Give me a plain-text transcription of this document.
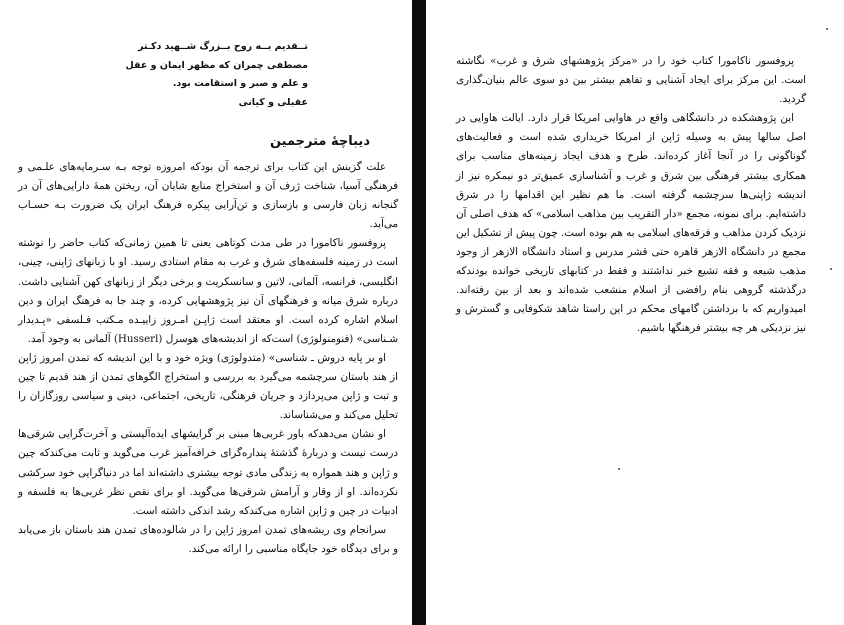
تــقديم بــه روح بــزرگ شــهيد دكـتر
مصطفی چمران كه مظهر ايمان و عقل
و علم و صبر و استقامت بود.
عقيلی و كيانی
ديباچهٔ مترجمين

علت گزينش اين كتاب برای ترجمه آن بودكه امروزه توجه بـه سـرمايه‌های علـمی و فرهنگی آسيا، شناخت ژرف آن و استخراج منابع شايان آن، ريختن همهٔ دارايی‌های آن در گنجانه زبان فارسی و بازسازی و تن‌آرايی پيكره فرهنگ ايران يک ضرورت بـه حسـاب می‌آيد.

پروفسور ناكامورا در طی مدت كوتاهی يعنی تا همين زمانی‌كه كتاب حاضر را نوشته است در زمينه فلسفه‌های شرق و غرب به مقام استادی رسيد. او با زبانهای ژاپنی، چينی، انگليسی، فرانسه، آلمانی، لاتين و سانسكريت و برخی ديگر از زبانهای كهن آشنايی داشت. درباره شرق ميانه و فرهنگهای آن نيز پژوهشهايی كرده، و چند جا به فرهنگ ايران و دين اسلام اشاره كرده است. او معتقد است ژاپـن امـروز زاييـده مـكتب فـلسفی «پـديدار شـناسی» (فنومنولوژی) است‌كه از انديشه‌های هوسرل (Husserl) آلمانی به وجود آمد.

او بر پايه دروش ـ شناسی» (متدولوژی) ويژه خود و با اين انديشه كه تمدن امروز ژاپن از هند باستان سرچشمه می‌گيرد به بررسی و استخراج الگوهای تمدن از هند قديم تا چين و تبت و ژاپن می‌پردازد و جريان فرهنگی، تاريخی، اجتماعی، دينی و سياسی روزگاران را تحليل می‌كند و می‌شناساند.

او نشان می‌دهدكه باور غربی‌ها مبنی بر گرايشهای ايده‌آليستی و آخرت‌گرايی شرقی‌ها درست نيست و دربارهٔ گذشتهٔ پنداره‌گرای خرافه‌آميز غرب می‌گويد و ثابت می‌كندكه چين و ژاپن و هند همواره به زندگی مادی توجه بيشتری داشته‌اند اما در دنياگرايی خود سركشی نكرده‌اند. او از وقار و آرامش شرقی‌ها می‌گويد. او برای نقص نظر غربی‌ها به فلسفه و ادبيات در چين و ژاپن اشاره می‌كندكه رشد اندكی داشته است.

سرانجام وی ريشه‌های تمدن امروز ژاپن را در شالوده‌های تمدن هند باستان باز می‌يابد و برای ديدگاه خود جايگاه مناسبی را ارائه می‌كند.

پروفسور ناكامورا كتاب خود را در «مركز پژوهشهای شرق و غرب» نگاشته است. اين مركز برای ايجاد آشنايی و تفاهم بيشتر بين دو سوی عالم بنيان‌ـ‌گذاری گرديد.

اين پژوهشكده در دانشگاهی واقع در هاوايی امريكا قرار دارد. ايالت هاوايی در اصل سالها پيش به وسيله ژاپن از امريكا خريداری شده است و فعاليت‌های گوناگونی را در آنجا آغاز كرده‌اند. طرح و هدف ايجاد زمينه‌های مناسب برای همكاری بيشتر فرهنگی بين شرق و غرب و آشناسازی عميق‌تر دو نيمكره نيز از انديشه ژاپنی‌ها سرچشمه گرفته است. ما هم نظير اين اقدامها را در شرق داشته‌ايم. برای نمونه، مجمع «دار التقريب بين مذاهب اسلامی» كه هدف اصلی آن نزديک كردن مذاهب و فرقه‌های اسلامی به هم بوده است. چون پيش از تشكيل اين مجمع در دانشگاه الازهر قاهره حتی قشر مدرس و استاد دانشگاه الازهر از وجود مذهب شيعه و فقه تشيع خبر نداشتند و فقط در كتابهای تاريخی خوانده بودندكه درگذشته گروهی بنام رافضی از اسلام منشعب شده‌اند و بعد از بين رفته‌اند. اميدواريم كه با برداشتن گامهای محكم در اين راستا شاهد شكوفايی و گسترش و نيز نزديكی هر چه بيشتر فرهنگها باشيم.
